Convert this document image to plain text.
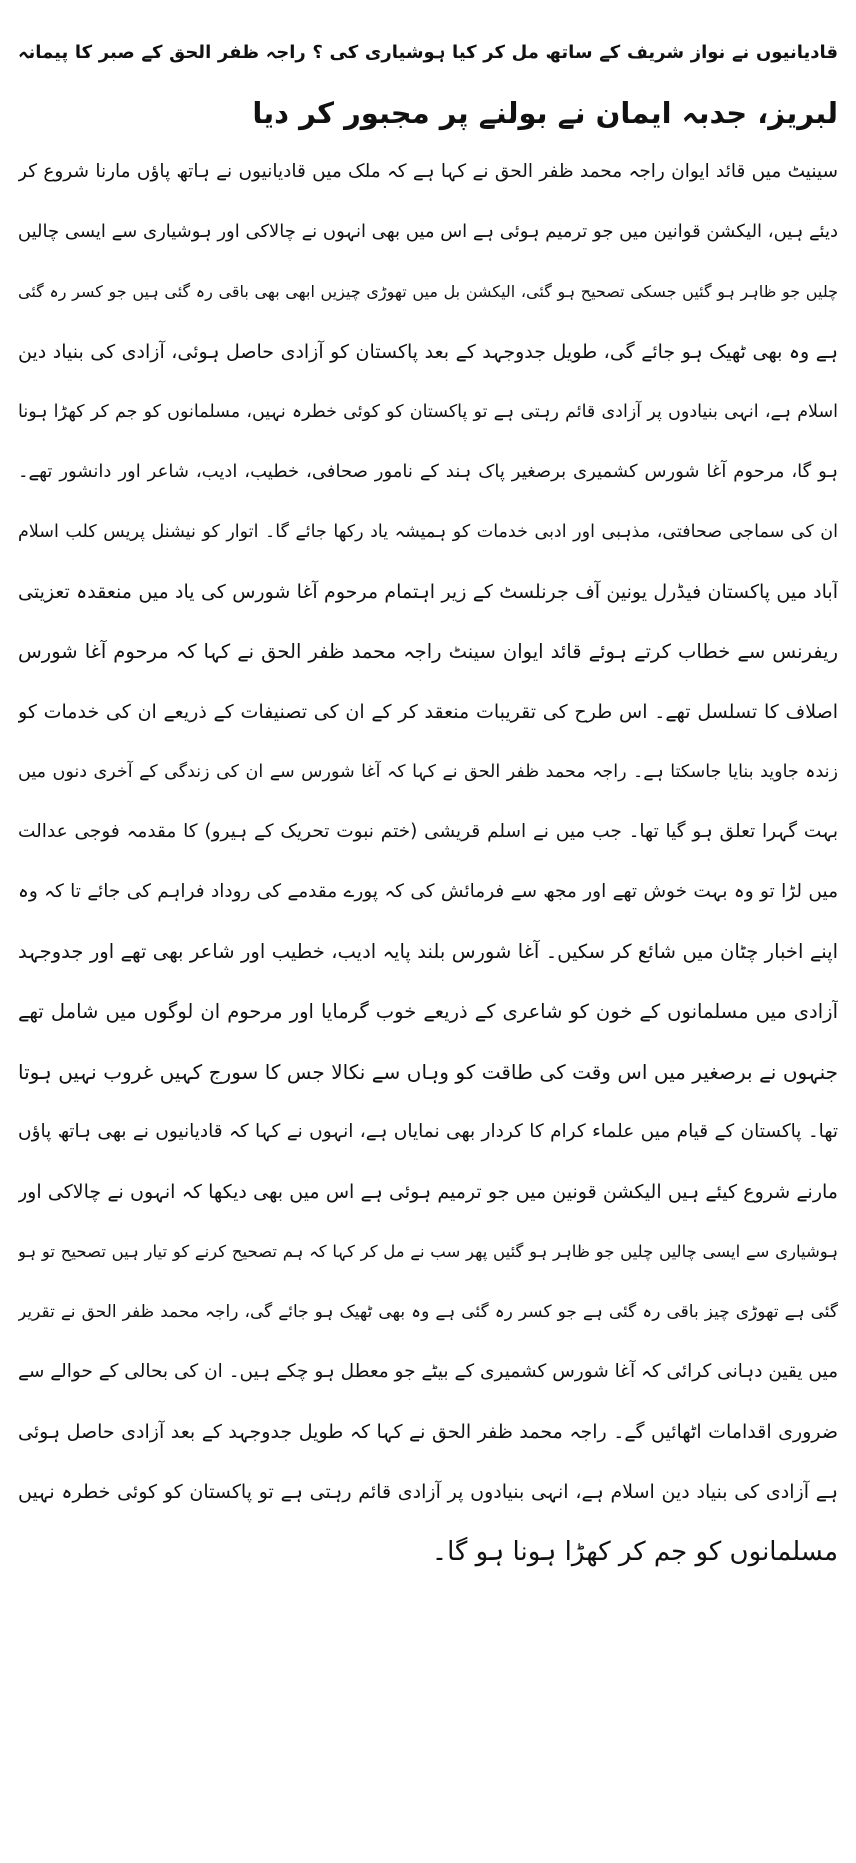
قادیانیوں نے نواز شریف کے ساتھ مل کر کیا ہوشیاری کی ؟ راجہ ظفر الحق کے صبر کا پیمانہ
لبریز، جدبہ ایمان نے بولنے پر مجبور کر دیا
سینیٹ میں قائد ایوان راجہ محمد ظفر الحق نے کہا ہے کہ ملک میں قادیانیوں نے ہاتھ پاؤں مارنا شروع کر
دیئے ہیں، الیکشن قوانین میں جو ترمیم ہوئی ہے اس میں بھی انہوں نے چالاکی اور ہوشیاری سے ایسی چالیں
چلیں جو ظاہر ہو گئیں جسکی تصحیح ہو گئی، الیکشن بل میں تھوڑی چیزیں ابھی بھی باقی رہ گئی ہیں جو کسر رہ گئی
ہے وہ بھی ٹھیک ہو جائے گی، طویل جدوجہد کے بعد پاکستان کو آزادی حاصل ہوئی، آزادی کی بنیاد دین
اسلام ہے، انہی بنیادوں پر آزادی قائم رہتی ہے تو پاکستان کو کوئی خطرہ نہیں، مسلمانوں کو جم کر کھڑا ہونا
ہو گا، مرحوم آغا شورس کشمیری برصغیر پاک ہند کے نامور صحافی، خطیب، ادیب، شاعر اور دانشور تھے۔
ان کی سماجی صحافتی، مذہبی اور ادبی خدمات کو ہمیشہ یاد رکھا جائے گا۔ اتوار کو نیشنل پریس کلب اسلام
آباد میں پاکستان فیڈرل یونین آف جرنلسٹ کے زیر اہتمام مرحوم آغا شورس کی یاد میں منعقدہ تعزیتی
ریفرنس سے خطاب کرتے ہوئے قائد ایوان سینٹ راجہ محمد ظفر الحق نے کہا کہ مرحوم آغا شورس
اصلاف کا تسلسل تھے۔ اس طرح کی تقریبات منعقد کر کے ان کی تصنیفات کے ذریعے ان کی خدمات کو
زندہ جاوید بنایا جاسکتا ہے۔ راجہ محمد ظفر الحق نے کہا کہ آغا شورس سے ان کی زندگی کے آخری دنوں میں
بہت گہرا تعلق ہو گیا تھا۔ جب میں نے اسلم قریشی (ختم نبوت تحریک کے ہیرو) کا مقدمہ فوجی عدالت
میں لڑا تو وہ بہت خوش تھے اور مجھ سے فرمائش کی کہ پورے مقدمے کی روداد فراہم کی جائے تا کہ وہ
اپنے اخبار چٹان میں شائع کر سکیں۔ آغا شورس بلند پایہ ادیب، خطیب اور شاعر بھی تھے اور جدوجہد
آزادی میں مسلمانوں کے خون کو شاعری کے ذریعے خوب گرمایا اور مرحوم ان لوگوں میں شامل تھے
جنہوں نے برصغیر میں اس وقت کی طاقت کو وہاں سے نکالا جس کا سورج کہیں غروب نہیں ہوتا
تھا۔ پاکستان کے قیام میں علماء کرام کا کردار بھی نمایاں ہے، انہوں نے کہا کہ قادیانیوں نے بھی ہاتھ پاؤں
مارنے شروع کیئے ہیں الیکشن قونین میں جو ترمیم ہوئی ہے اس میں بھی دیکھا کہ انہوں نے چالاکی اور
ہوشیاری سے ایسی چالیں چلیں جو ظاہر ہو گئیں پھر سب نے مل کر کہا کہ ہم تصحیح کرنے کو تیار ہیں تصحیح تو ہو
گئی ہے تھوڑی چیز باقی رہ گئی ہے جو کسر رہ گئی ہے وہ بھی ٹھیک ہو جائے گی، راجہ محمد ظفر الحق نے تقریر
میں یقین دہانی کرائی کہ آغا شورس کشمیری کے بیٹے جو معطل ہو چکے ہیں۔ ان کی بحالی کے حوالے سے
ضروری اقدامات اٹھائیں گے۔ راجہ محمد ظفر الحق نے کہا کہ طویل جدوجہد کے بعد آزادی حاصل ہوئی
ہے آزادی کی بنیاد دین اسلام ہے، انہی بنیادوں پر آزادی قائم رہتی ہے تو پاکستان کو کوئی خطرہ نہیں
مسلمانوں کو جم کر کھڑا ہونا ہو گا۔
